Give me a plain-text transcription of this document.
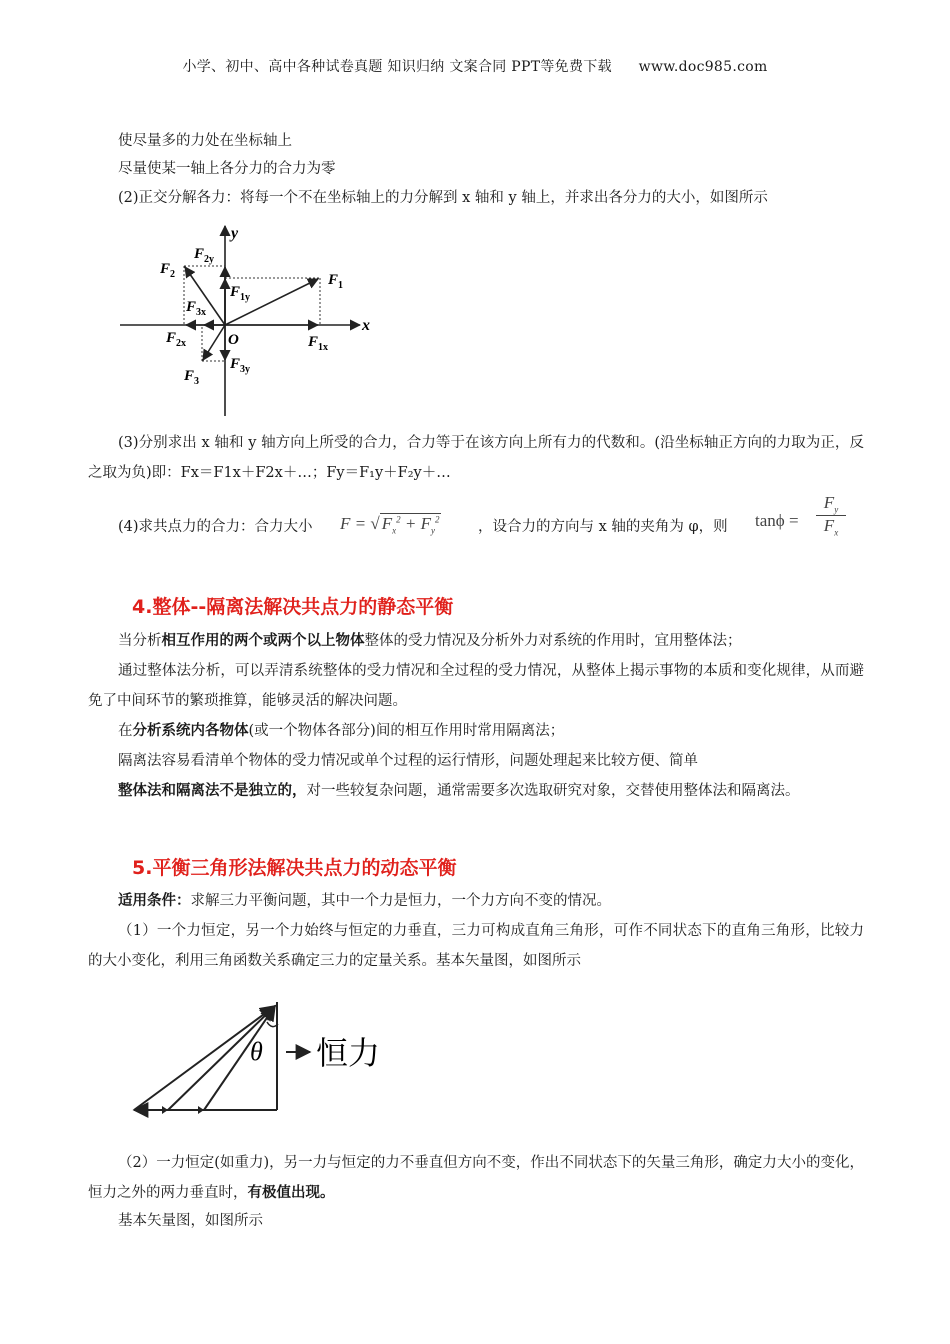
小学、初中、高中各种试卷真题 知识归纳 文案合同 PPT等免费下载 www.doc985.com
使尽量多的力处在坐标轴上
尽量使某一轴上各分力的合力为零
(2)正交分解各力：将每一个不在坐标轴上的力分解到 x 轴和 y 轴上，并求出各分力的大小，如图所示
y
x
O
$F_1$
$F_2$
$F_3$
$F_{2y}$
$F_{1y}$
$F_{3x}$
$F_{2x}$	$F_{1x}$
$F_{3y}$
(3)分别求出 x 轴和 y 轴方向上所受的合力，合力等于在该方向上所有力的代数和。(沿坐标轴正方向的力取为正，反之取为负)即：Fx＝F1x＋F2x＋…；Fy＝F₁y＋F₂y＋…
(4)求共点力的合力：合力大小 F = √ $F_x^2 + F_y^2$	，设合力的方向与 x 轴的夹角为 φ，则 tanϕ =
$F_y$
$F_x$
4.整体--隔离法解决共点力的静态平衡
当分析相互作用的两个或两个以上物体整体的受力情况及分析外力对系统的作用时，宜用整体法；
通过整体法分析，可以弄清系统整体的受力情况和全过程的受力情况，从整体上揭示事物的本质和变化规律，从而避免了中间环节的繁琐推算，能够灵活的解决问题。
在分析系统内各物体(或一个物体各部分)间的相互作用时常用隔离法；
隔离法容易看清单个物体的受力情况或单个过程的运行情形，问题处理起来比较方便、简单
整体法和隔离法不是独立的，对一些较复杂问题，通常需要多次选取研究对象，交替使用整体法和隔离法。
5.平衡三角形法解决共点力的动态平衡
适用条件：求解三力平衡问题，其中一个力是恒力，一个力方向不变的情况。
（1）一个力恒定，另一个力始终与恒定的力垂直，三力可构成直角三角形，可作不同状态下的直角三角形，比较力的大小变化，利用三角函数关系确定三力的定量关系。基本矢量图，如图所示
θ 恒力
（2）一力恒定(如重力)，另一力与恒定的力不垂直但方向不变，作出不同状态下的矢量三角形，确定力大小的变化，恒力之外的两力垂直时，有极值出现。
基本矢量图，如图所示
